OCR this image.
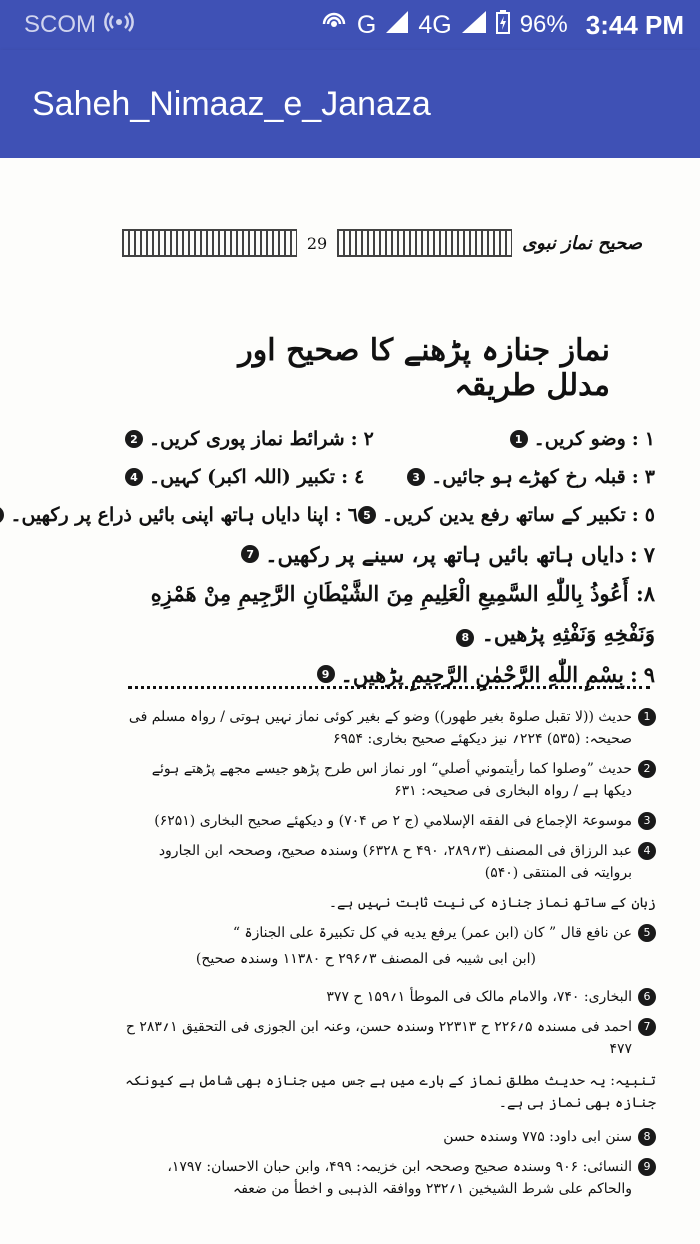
SCOM	G 4G	96% 3:44 PM
Saheh_Nimaaz_e_Janaza
صحیح نماز نبوی
29
نماز جنازہ پڑھنے کا صحیح اور مدلل طریقہ
١
:
وضو کریں۔
1
٢
:
شرائط نماز پوری کریں۔
2
٣
:
قبلہ رخ کھڑے ہو جائیں۔
3
٤
:
تکبیر (اللہ اکبر) کہیں۔
4
٥
:
تکبیر کے ساتھ رفع یدین کریں۔
5
٦
:
اپنا دایاں ہاتھ اپنی بائیں ذراع پر رکھیں۔
٧
:
دایاں ہاتھ بائیں ہاتھ پر، سینے پر رکھیں۔
7
٨: أَعُوذُ بِاللّٰهِ السَّمِيعِ الْعَلِيمِ مِنَ الشَّيْطَانِ الرَّجِيمِ مِنْ هَمْزِهِ وَنَفْخِهِ وَنَفْثِهِ پڑھیں۔ 8
٩
:
بِسْمِ اللّٰهِ الرَّحْمٰنِ الرَّحِيمِ پڑھیں۔
9
1
حدیث ((لا تقبل صلوۃ بغیر طهور)) وضو کے بغیر کوئی نماز نہیں ہوتی / رواہ مسلم فی صحیحہ: (۵۳۵) ۲۲۴؍ نیز دیکھئے صحیح بخاری: ۶۹۵۴
2
حدیث ”وصلوا کما رأیتموني أصلي“ اور نماز اس طرح پڑھو جیسے مجھے پڑھتے ہوئے دیکھا ہے / رواہ البخاری فی صحیحہ: ۶۳۱
3
موسوعۃ الإجماع فی الفقه الإسلامي (ج ۲ ص ۷۰۴) و دیکھئے صحیح البخاری (۶۲۵۱)
4
عبد الرزاق فی المصنف (۳؍۲۸۹، ۴۹۰ ح ۶۳۲۸) وسندہ صحیح، وصححہ ابن الجارود بروایتہ فی المنتقی (۵۴۰)
زبان کے ساتھ نماز جنازہ کی نیت ثابت نہیں ہے۔
5
عن نافع قال ” کان (ابن عمر) یرفع یدیه في کل تکبیرۃ علی الجنازۃ “
(ابن ابی شیبہ فی المصنف ۳؍۲۹۶ ح ۱۱۳۸۰ وسندہ صحیح)
6
البخاری: ۷۴۰، والامام مالک فی الموطأ ۱؍۱۵۹ ح ۳۷۷
7
احمد فی مسندہ ۵؍۲۲۶ ح ۲۲۳۱۳ وسندہ حسن، وعنہ ابن الجوزی فی التحقیق ۱؍۲۸۳ ح ۴۷۷
تنبیہ: یہ حدیث مطلق نماز کے بارے میں ہے جس میں جنازہ بھی شامل ہے کیونکہ جنازہ بھی نماز ہی ہے۔
8
سنن ابی داود: ۷۷۵ وسندہ حسن
9
النسائی: ۹۰۶ وسندہ صحیح وصححہ ابن خزیمہ: ۴۹۹، وابن حبان الاحسان: ۱۷۹۷، والحاکم علی شرط الشیخین ۱؍۲۳۲ ووافقہ الذہبی و اخطأ من ضعفہ
